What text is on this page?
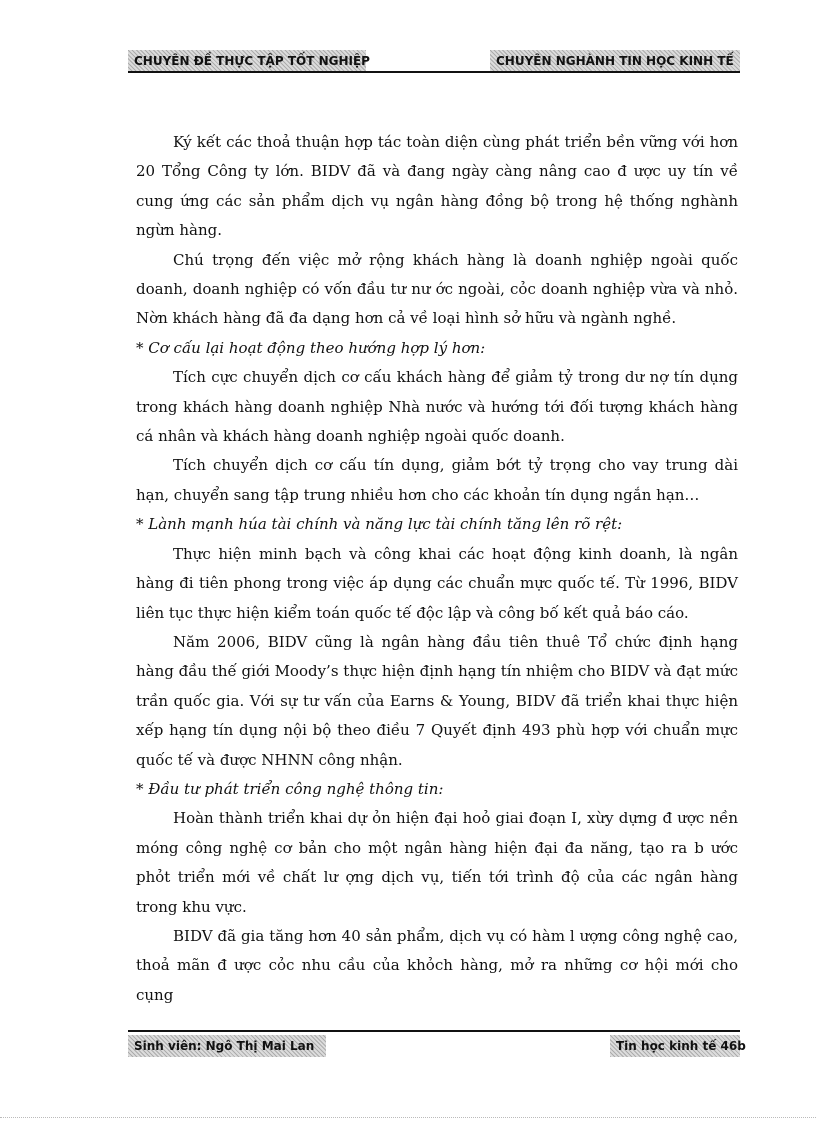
CHUYÊN ĐỀ THỰC TẬP TỐT NGHIỆP	CHUYÊN NGHÀNH TIN HỌC KINH TẾ

Ký kết các thoả thuận hợp tác toàn diện cùng phát triển bền vững với hơn 20 Tổng Công ty lớn. BIDV đã và đang ngày càng nâng cao đ ược uy tín về cung ứng các sản phẩm dịch vụ ngân hàng đồng bộ trong hệ thống nghành ngừn hàng.

Chú trọng đến việc mở rộng khách hàng là doanh nghiệp ngoài quốc doanh, doanh nghiệp có vốn đầu tư nư ớc ngoài, cỏc doanh nghiệp vừa và nhỏ. Nờn khách hàng đã đa dạng hơn cả về loại hình sở hữu và ngành nghề.

* Cơ cấu lại hoạt động theo hướng hợp lý hơn:

Tích cực chuyển dịch cơ cấu khách hàng để giảm tỷ trong dư nợ tín dụng trong khách hàng doanh nghiệp Nhà nước và hướng tới đối tượng khách hàng cá nhân và khách hàng doanh nghiệp ngoài quốc doanh.

Tích chuyển dịch cơ cấu tín dụng, giảm bớt tỷ trọng cho vay trung dài hạn, chuyển sang tập trung nhiều hơn cho các khoản tín dụng ngắn hạn…

* Lành mạnh húa tài chính và năng lực tài chính tăng lên rõ rệt:

Thực hiện minh bạch và công khai các hoạt động kinh doanh, là ngân hàng đi tiên phong trong việc áp dụng các chuẩn mực quốc tế. Từ 1996, BIDV liên tục thực hiện kiểm toán quốc tế độc lập và công bố kết quả báo cáo.

Năm 2006, BIDV cũng là ngân hàng đầu tiên thuê Tổ chức định hạng hàng đầu thế giới Moody’s thực hiện định hạng tín nhiệm cho BIDV và đạt mức trần quốc gia. Với sự tư vấn của Earns & Young, BIDV đã triển khai thực hiện xếp hạng tín dụng nội bộ theo điều 7 Quyết định 493 phù hợp với chuẩn mực quốc tế và được NHNN công nhận.

* Đầu tư phát triển công nghệ thông tin:

Hoàn thành triển khai dự ỏn hiện đại hoỏ giai đoạn I, xừy dựng đ ược nền móng công nghệ cơ bản cho một ngân hàng hiện đại đa năng, tạo ra b ước phỏt triển mới về chất lư ợng dịch vụ, tiến tới trình độ của các ngân hàng trong khu vực.

BIDV đã gia tăng hơn 40 sản phẩm, dịch vụ có hàm l ượng công nghệ cao, thoả mãn đ ược cỏc nhu cầu của khỏch hàng, mở ra những cơ hội mới cho cụng

Sinh viên: Ngô Thị Mai Lan	Tin học kinh tế 46b
